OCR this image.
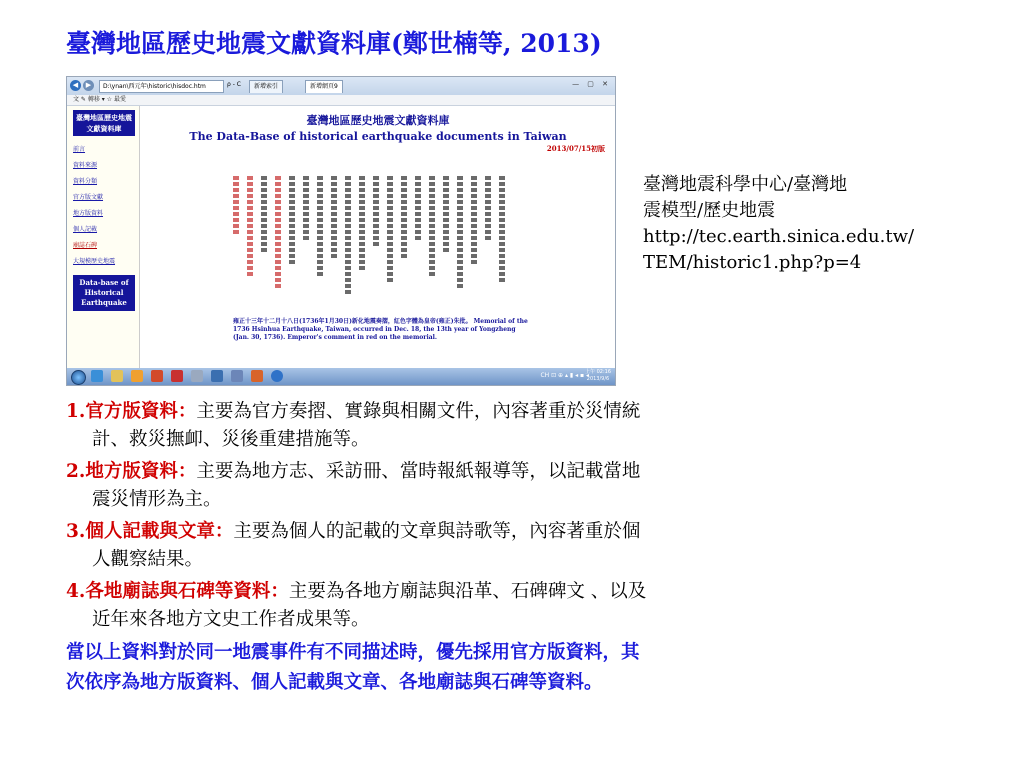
臺灣地區歷史地震文獻資料庫(鄭世楠等, 2013)
◀	▶	D:\ynan\西元年\historic\hisdoc.htm	ρ - C	新增索引	新增網頁9	— ▢ ✕
文 ✎ 轉移 ▾ ☆ 最愛
臺灣地區歷史地震文獻資料庫
前言
資料來源
資料分類
官方版文獻
地方版資料
個人記載
廟誌石碑
大規模歷史地震
Data-base of Historical Earthquake
臺灣地區歷史地震文獻資料庫
The Data-Base of historical earthquake documents in Taiwan
2013/07/15初版
雍正十三年十二月十八日(1736年1月30日)新化地震奏摺，紅色字體為皇帝(雍正)朱批。 Memorial of the 1736 Hsinhua Earthquake, Taiwan, occurred in Dec. 18, the 13th year of Yongzheng (Jan. 30, 1736). Emperor's comment in red on the memorial.
CH ⊡ ⊕ ▴ ▮ ◂ ▪ ◂
上午 02:16
2013/9/6
臺灣地震科學中心/臺灣地
震模型/歷史地震
http://tec.earth.sinica.edu.tw/
TEM/historic1.php?p=4
1.官方版資料：主要為官方奏摺、實錄與相關文件，內容著重於災情統
計、救災撫卹、災後重建措施等。
2.地方版資料：主要為地方志、采訪冊、當時報紙報導等，以記載當地
震災情形為主。
3.個人記載與文章：主要為個人的記載的文章與詩歌等，內容著重於個
人觀察結果。
4.各地廟誌與石碑等資料：主要為各地方廟誌與沿革、石碑碑文 、以及
近年來各地方文史工作者成果等。
當以上資料對於同一地震事件有不同描述時，優先採用官方版資料，其
次依序為地方版資料、個人記載與文章、各地廟誌與石碑等資料。
